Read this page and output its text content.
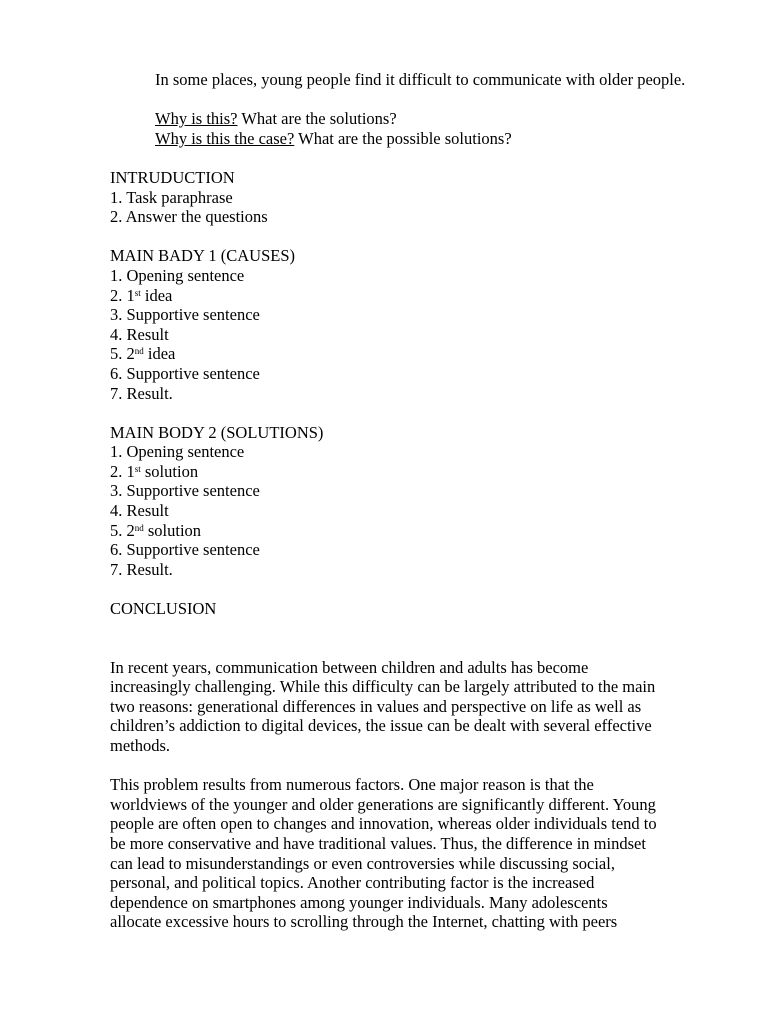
In some places, young people find it difficult to communicate with older people.

Why is this? What are the solutions?

Why is this the case? What are the possible solutions?

INTRUDUCTION

1. Task paraphrase

2. Answer the questions

MAIN BADY 1 (CAUSES)

1. Opening sentence

2. 1st idea

3. Supportive sentence

4. Result

5. 2nd idea

6. Supportive sentence

7. Result.

MAIN BODY 2 (SOLUTIONS)

1. Opening sentence

2. 1st solution

3. Supportive sentence

4. Result

5. 2nd solution

6. Supportive sentence

7. Result.

CONCLUSION

In recent years, communication between children and adults has become

increasingly challenging. While this difficulty can be largely attributed to the main

two reasons: generational differences in values and perspective on life as well as

children’s addiction to digital devices, the issue can be dealt with several effective

methods.

This problem results from numerous factors. One major reason is that the

worldviews of the younger and older generations are significantly different. Young

people are often open to changes and innovation, whereas older individuals tend to

be more conservative and have traditional values. Thus, the difference in mindset

can lead to misunderstandings or even controversies while discussing social,

personal, and political topics. Another contributing factor is the increased

dependence on smartphones among younger individuals. Many adolescents

allocate excessive hours to scrolling through the Internet, chatting with peers
